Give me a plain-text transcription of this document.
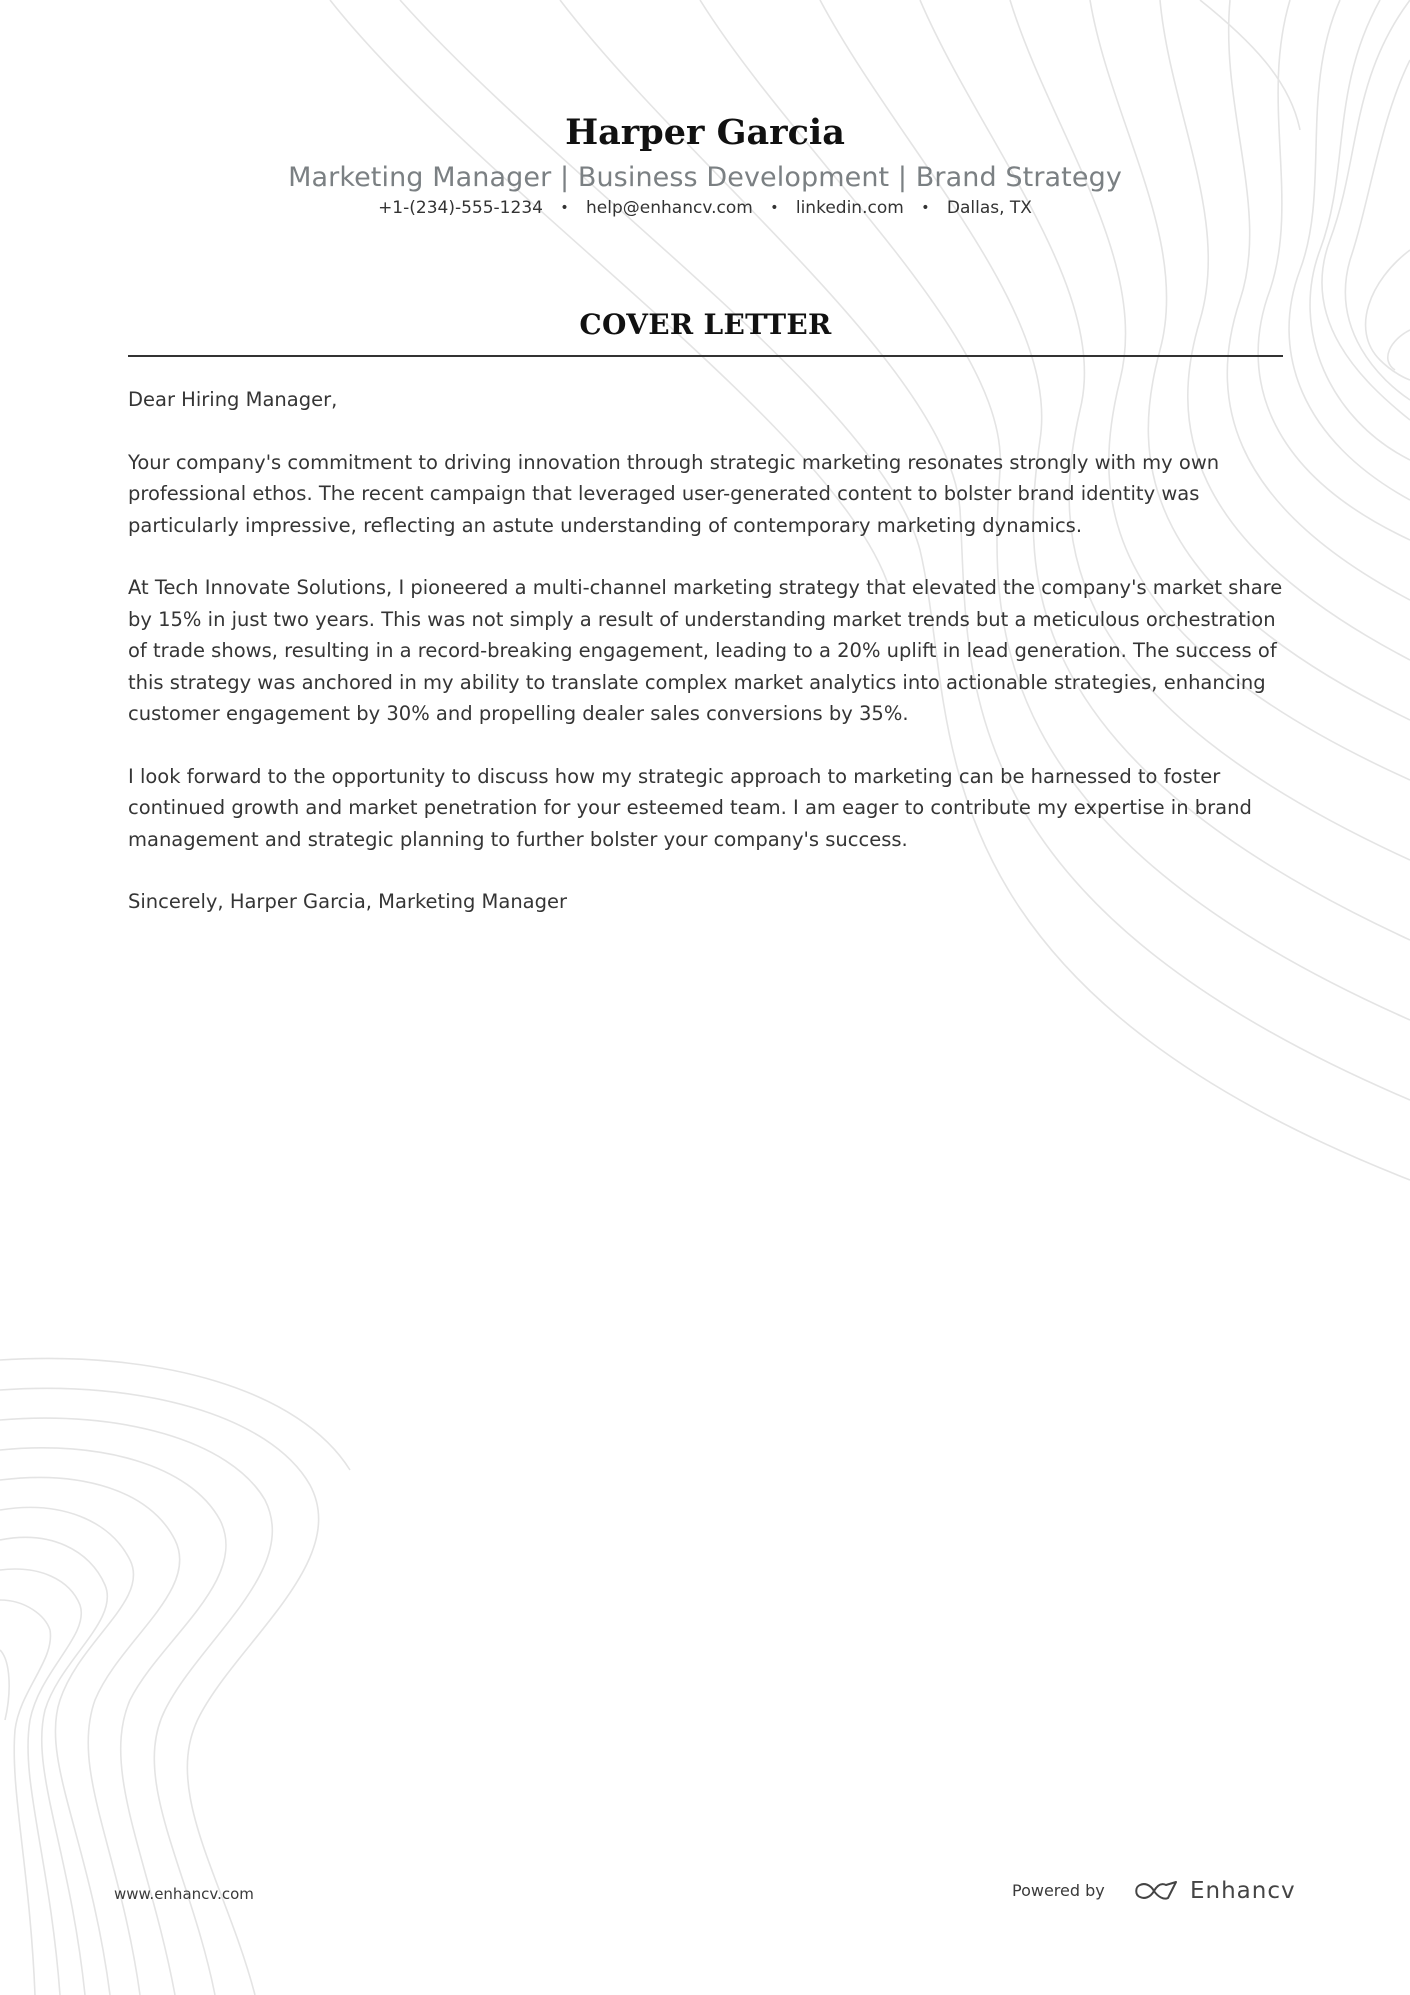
Harper Garcia
Marketing Manager | Business Development | Brand Strategy
+1-(234)-555-1234 • help@enhancv.com • linkedin.com • Dallas, TX
COVER LETTER

Dear Hiring Manager,

Your company's commitment to driving innovation through strategic marketing resonates strongly with my own professional ethos. The recent campaign that leveraged user-generated content to bolster brand identity was particularly impressive, reflecting an astute understanding of contemporary marketing dynamics.

At Tech Innovate Solutions, I pioneered a multi-channel marketing strategy that elevated the company's market share by 15% in just two years. This was not simply a result of understanding market trends but a meticulous orchestration of trade shows, resulting in a record-breaking engagement, leading to a 20% uplift in lead generation. The success of this strategy was anchored in my ability to translate complex market analytics into actionable strategies, enhancing customer engagement by 30% and propelling dealer sales conversions by 35%.

I look forward to the opportunity to discuss how my strategic approach to marketing can be harnessed to foster continued growth and market penetration for your esteemed team. I am eager to contribute my expertise in brand management and strategic planning to further bolster your company's success.

Sincerely, Harper Garcia, Marketing Manager

www.enhancv.com	Powered by	Enhancv
